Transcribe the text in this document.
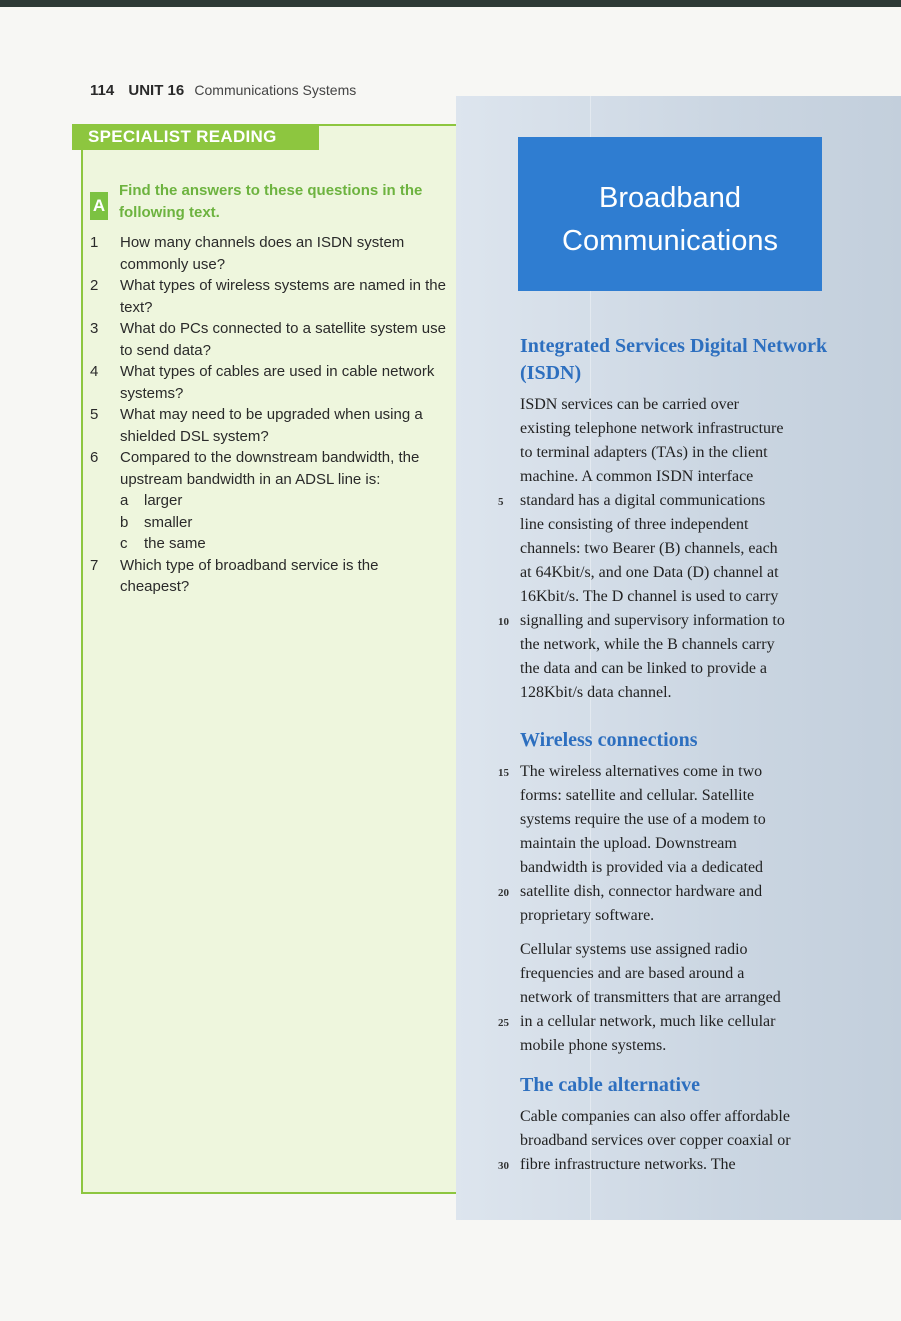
114 UNIT 16 Communications Systems
SPECIALIST READING
A
Find the answers to these questions in the following text.
1	How many channels does an ISDN system commonly use?
2	What types of wireless systems are named in the text?
3	What do PCs connected to a satellite system use to send data?
4	What types of cables are used in cable network systems?
5	What may need to be upgraded when using a shielded DSL system?
6	Compared to the downstream bandwidth, the upstream bandwidth in an ADSL line is:
a	larger
b	smaller
c	the same
7	Which type of broadband service is the cheapest?
Broadband
Communications
Integrated Services Digital Network (ISDN)
ISDN services can be carried over
existing telephone network infrastructure
to terminal adapters (TAs) in the client
machine. A common ISDN interface
5 standard has a digital communications
line consisting of three independent
channels: two Bearer (B) channels, each
at 64Kbit/s, and one Data (D) channel at
16Kbit/s. The D channel is used to carry
10 signalling and supervisory information to
the network, while the B channels carry
the data and can be linked to provide a
128Kbit/s data channel.
Wireless connections
15 The wireless alternatives come in two
forms: satellite and cellular. Satellite
systems require the use of a modem to
maintain the upload. Downstream
bandwidth is provided via a dedicated
20 satellite dish, connector hardware and
proprietary software.
Cellular systems use assigned radio
frequencies and are based around a
network of transmitters that are arranged
25 in a cellular network, much like cellular
mobile phone systems.
The cable alternative
Cable companies can also offer affordable
broadband services over copper coaxial or
30 fibre infrastructure networks. The
